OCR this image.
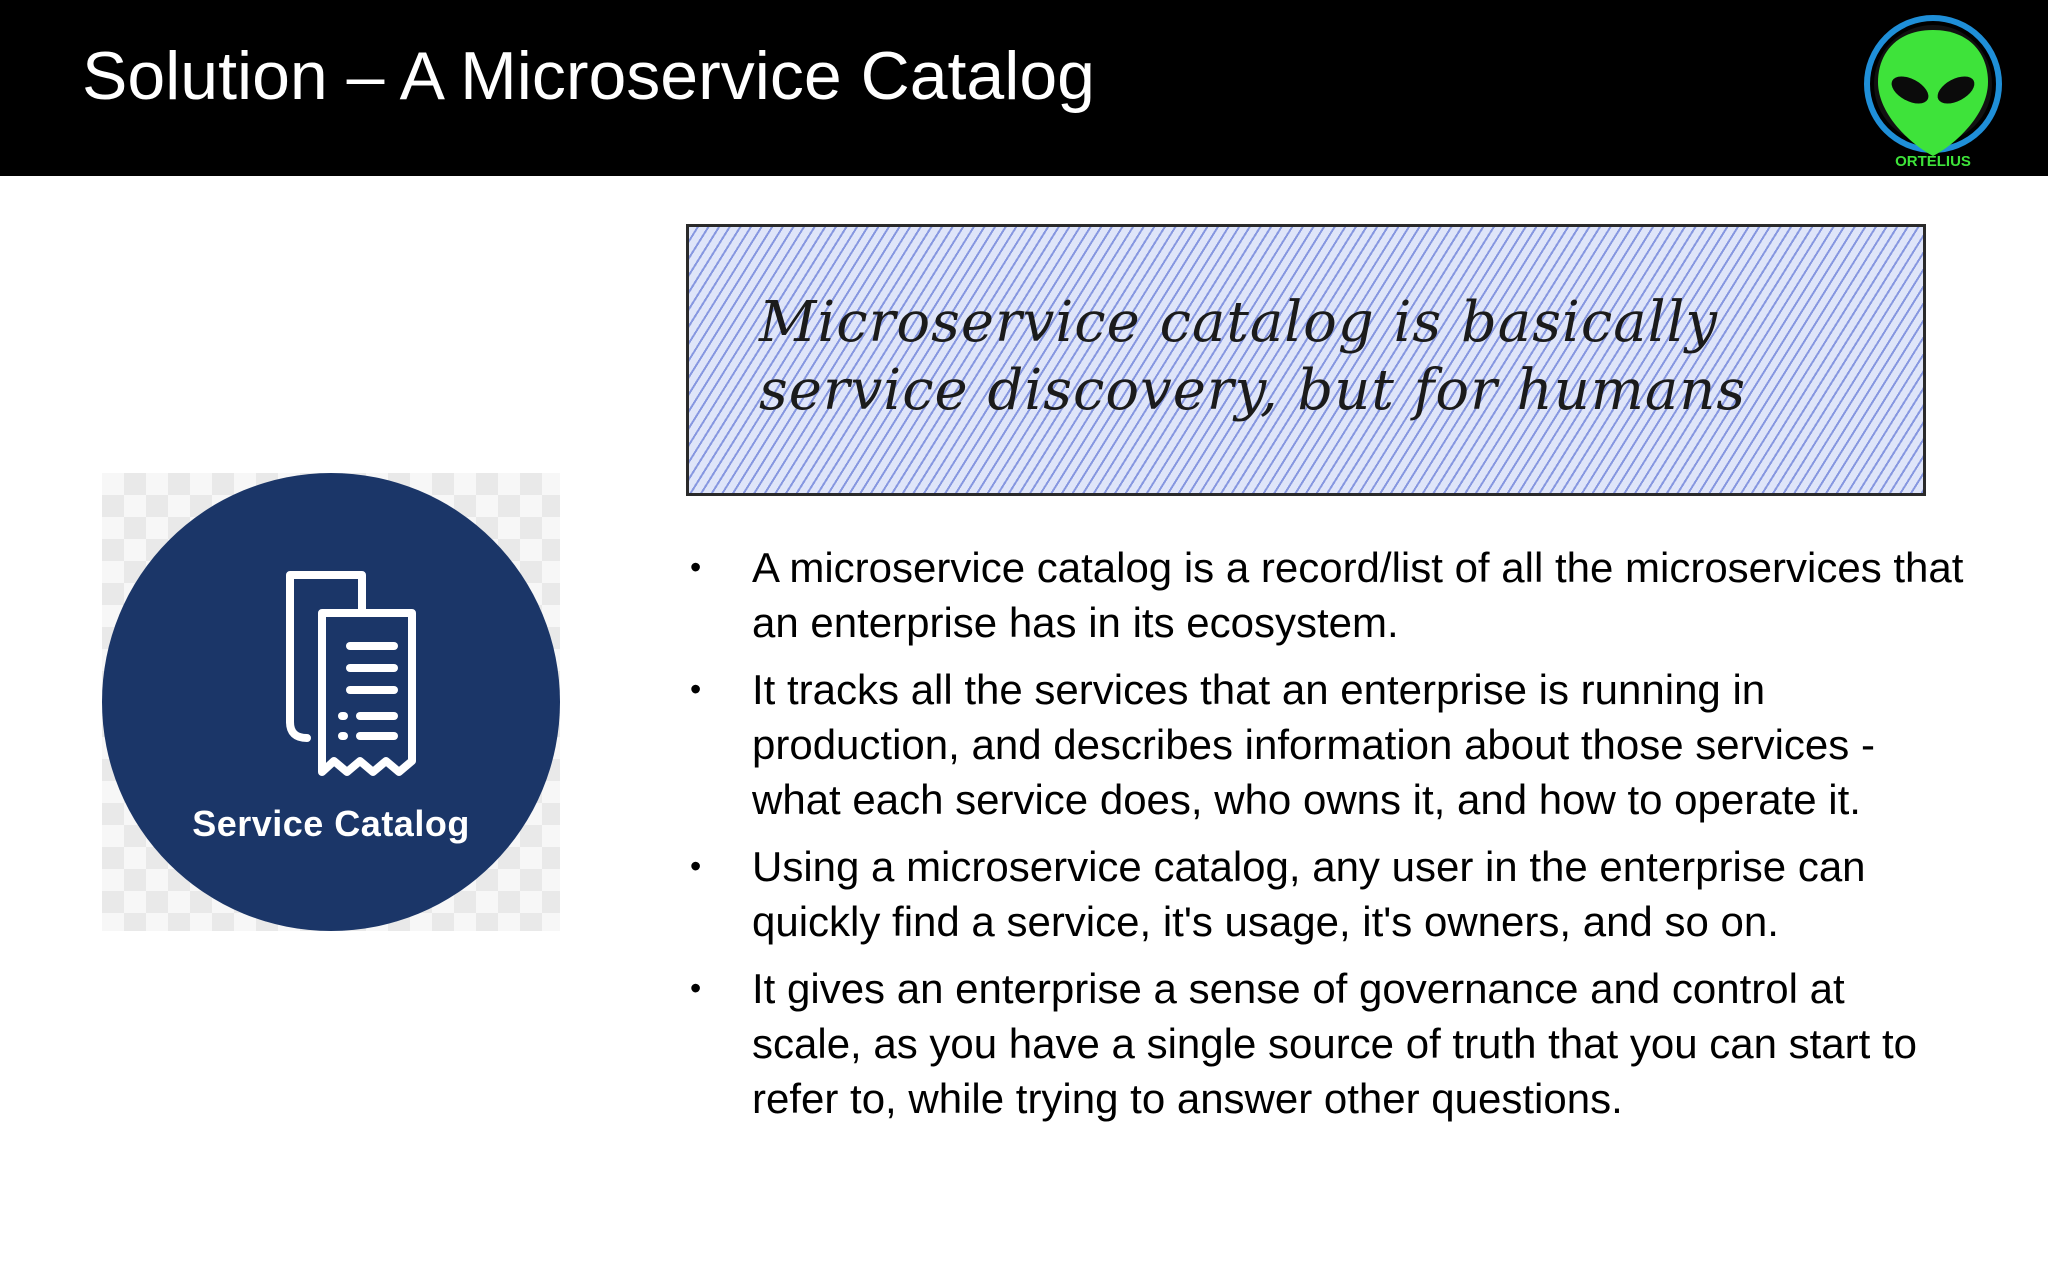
Solution – A Microservice Catalog
ORTELIUS
Service Catalog
Microservice catalog is basically service discovery, but for humans
• A microservice catalog is a record/list of all the microservices that an enterprise has in its ecosystem.
• It tracks all the services that an enterprise is running in production, and describes information about those services - what each service does, who owns it, and how to operate it.
• Using a microservice catalog, any user in the enterprise can quickly find a service, it's usage, it's owners, and so on.
• It gives an enterprise a sense of governance and control at scale, as you have a single source of truth that you can start to refer to, while trying to answer other questions.
